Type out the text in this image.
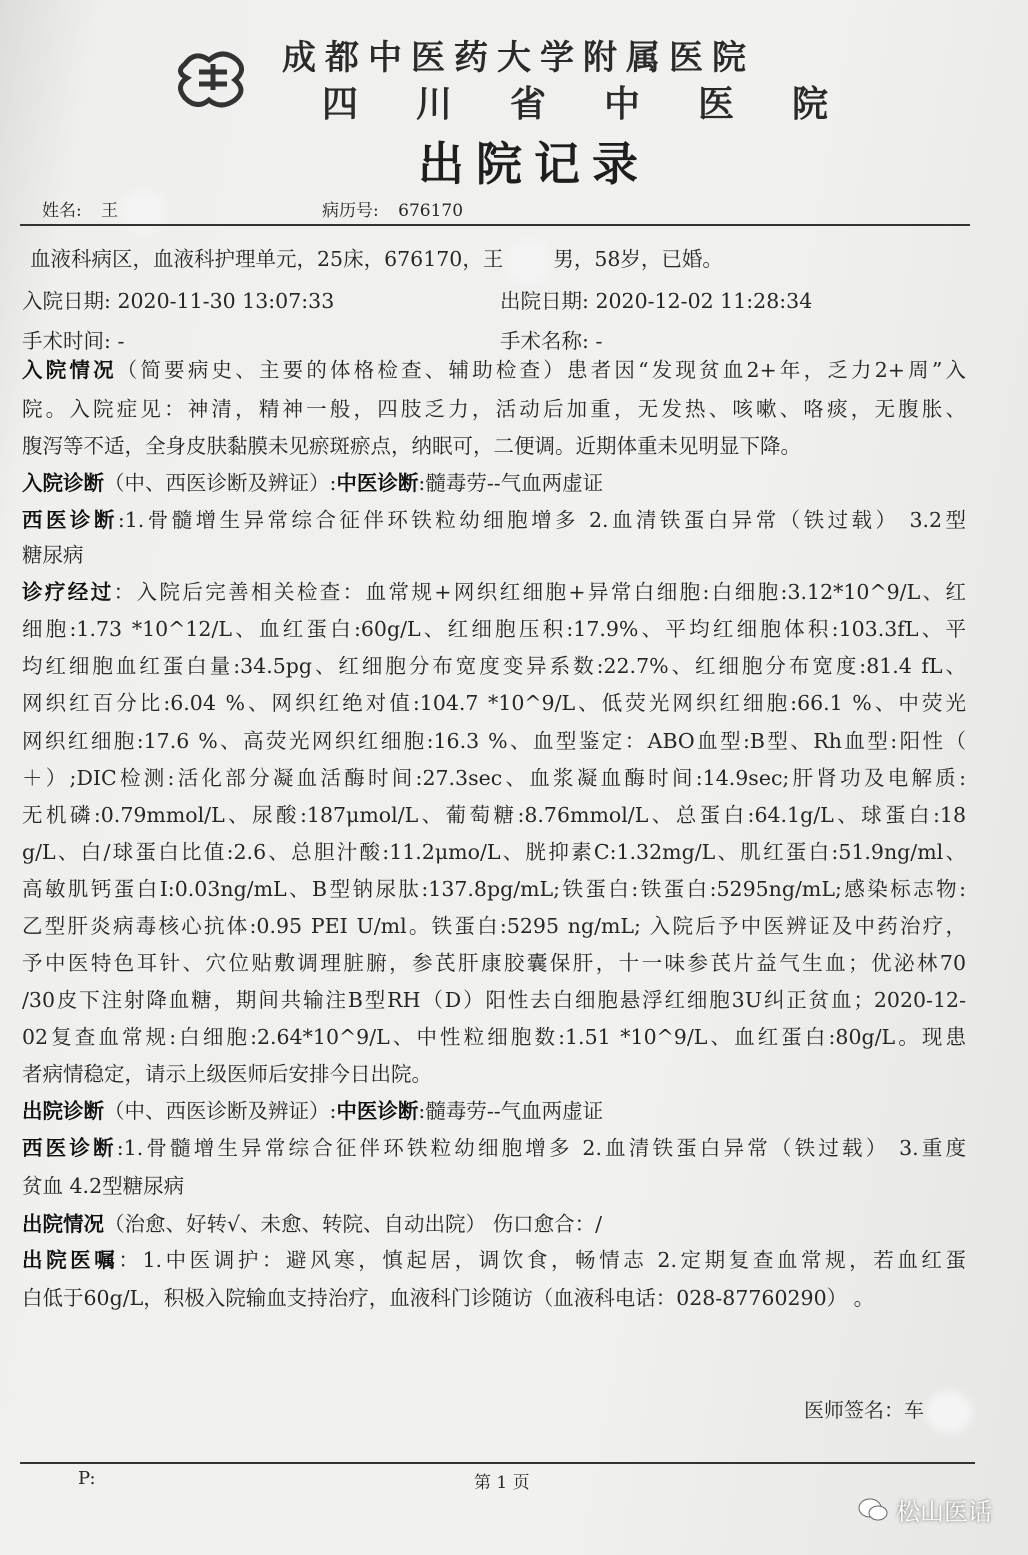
成都中医药大学附属医院
四川省中医院
出院记录
姓名: 王	病历号: 676170
血液科病区，血液科护理单元，25床，676170，王 男，58岁，已婚。
入院日期: 2020-11-30 13:07:33	出院日期: 2020-12-02 11:28:34
手术时间: -	手术名称: -
入院情况（简要病史、主要的体格检查、辅助检查）患者因“发现贫血2+年，乏力2+周”入
院。入院症见：神清，精神一般，四肢乏力，活动后加重，无发热、咳嗽、咯痰，无腹胀、
腹泻等不适，全身皮肤黏膜未见瘀斑瘀点，纳眠可，二便调。近期体重未见明显下降。
入院诊断（中、西医诊断及辨证）:中医诊断:髓毒劳--气血两虚证
西医诊断:1.骨髓增生异常综合征伴环铁粒幼细胞增多 2.血清铁蛋白异常（铁过载） 3.2型
糖尿病
诊疗经过：入院后完善相关检查：血常规+网织红细胞+异常白细胞:白细胞:3.12*10^9/L、红
细胞:1.73 *10^12/L、血红蛋白:60g/L、红细胞压积:17.9%、平均红细胞体积:103.3fL、平
均红细胞血红蛋白量:34.5pg、红细胞分布宽度变异系数:22.7%、红细胞分布宽度:81.4 fL、
网织红百分比:6.04 %、网织红绝对值:104.7 *10^9/L、低荧光网织红细胞:66.1 %、中荧光
网织红细胞:17.6 %、高荧光网织红细胞:16.3 %、血型鉴定：ABO血型:B型、Rh血型:阳性（
＋）;DIC检测:活化部分凝血活酶时间:27.3sec、血浆凝血酶时间:14.9sec;肝肾功及电解质:
无机磷:0.79mmol/L、尿酸:187μmol/L、葡萄糖:8.76mmol/L、总蛋白:64.1g/L、球蛋白:18
g/L、白/球蛋白比值:2.6、总胆汁酸:11.2μmo/L、胱抑素C:1.32mg/L、肌红蛋白:51.9ng/ml、
高敏肌钙蛋白I:0.03ng/mL、B型钠尿肽:137.8pg/mL;铁蛋白:铁蛋白:5295ng/mL;感染标志物:
乙型肝炎病毒核心抗体:0.95 PEI U/ml。铁蛋白:5295 ng/mL; 入院后予中医辨证及中药治疗，
予中医特色耳针、穴位贴敷调理脏腑，参芪肝康胶囊保肝，十一味参芪片益气生血；优泌林70
/30皮下注射降血糖，期间共输注B型RH（D）阳性去白细胞悬浮红细胞3U纠正贫血；2020-12-
02复查血常规:白细胞:2.64*10^9/L、中性粒细胞数:1.51 *10^9/L、血红蛋白:80g/L。现患
者病情稳定，请示上级医师后安排今日出院。
出院诊断（中、西医诊断及辨证）:中医诊断:髓毒劳--气血两虚证
西医诊断:1.骨髓增生异常综合征伴环铁粒幼细胞增多 2.血清铁蛋白异常（铁过载） 3.重度
贫血 4.2型糖尿病
出院情况（治愈、好转√、未愈、转院、自动出院） 伤口愈合：/
出院医嘱：1.中医调护：避风寒，慎起居，调饮食，畅情志 2.定期复查血常规，若血红蛋
白低于60g/L，积极入院输血支持治疗，血液科门诊随访（血液科电话：028-87760290） 。
医师签名：车
P:	第 1 页
松山医话
